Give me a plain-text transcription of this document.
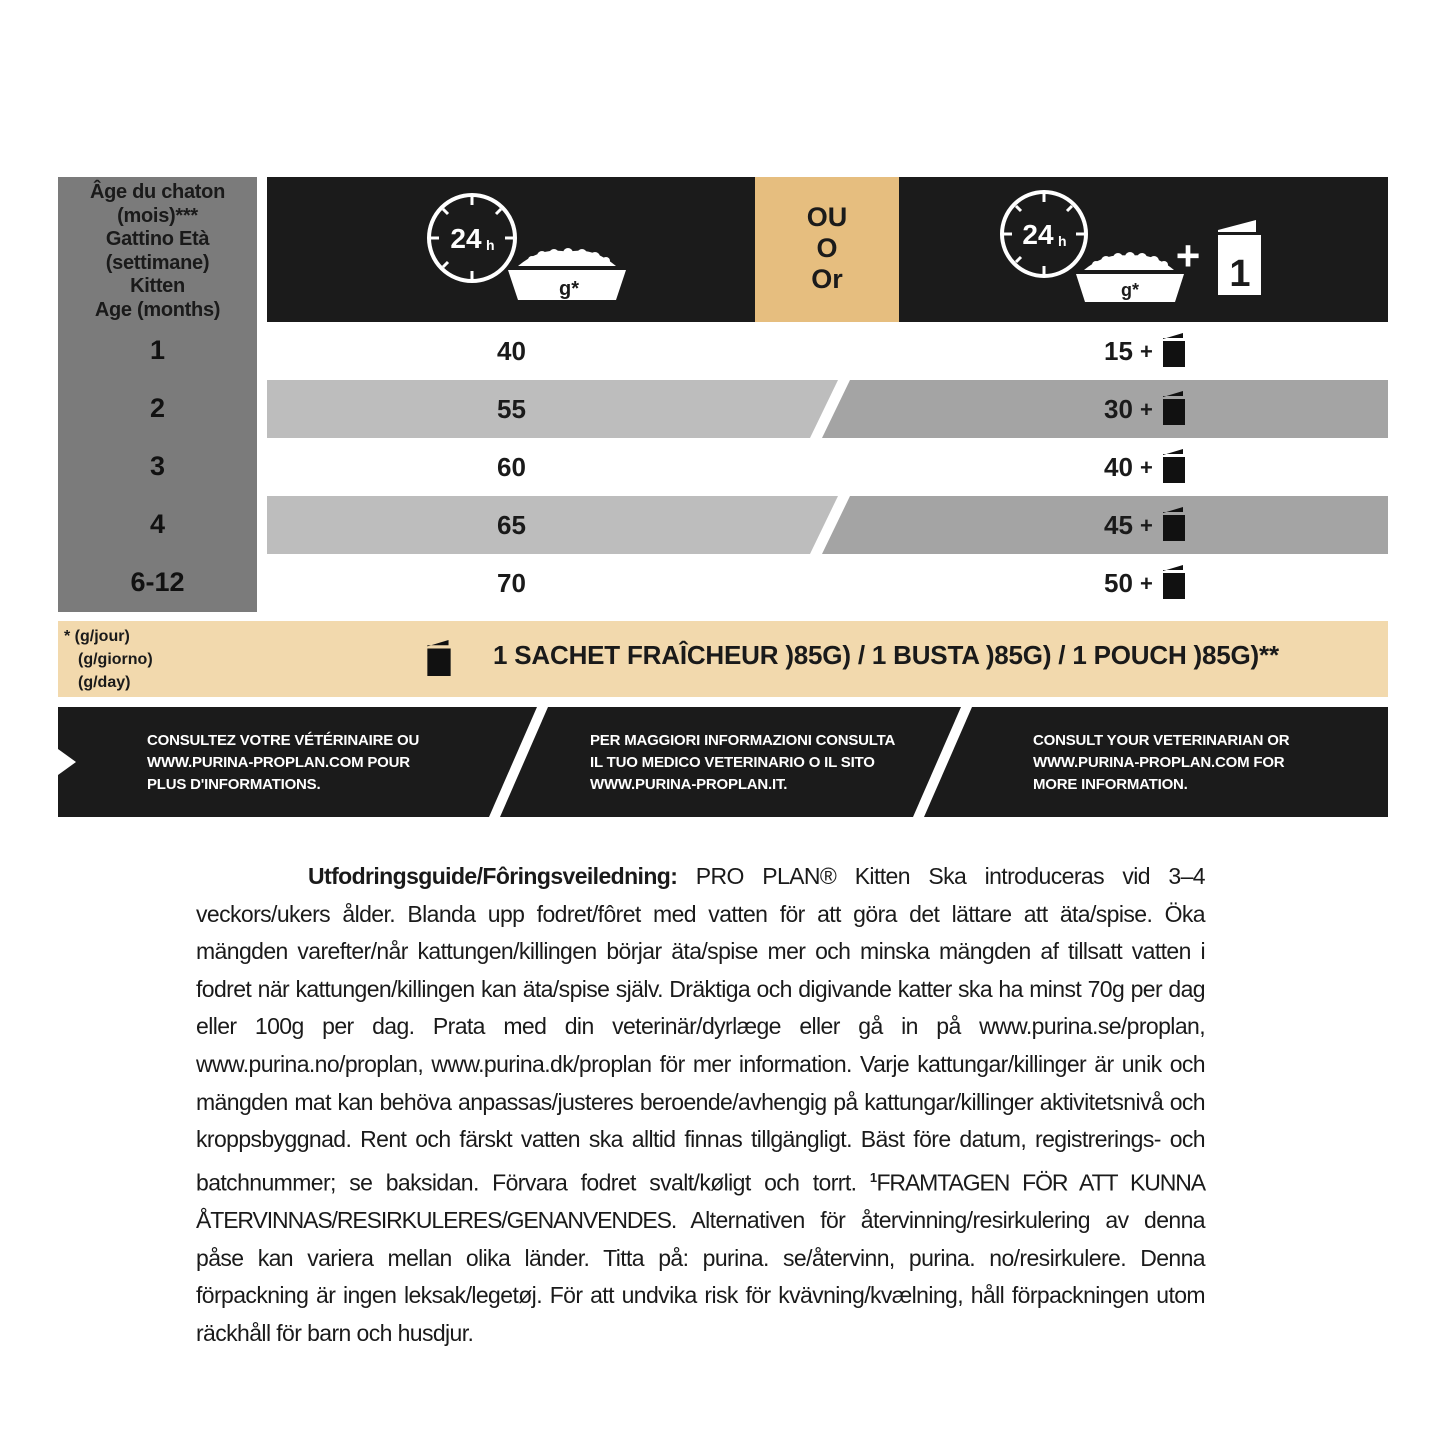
Âge du chaton
(mois)***
Gattino Età
(settimane)
Kitten
Age (months)
24 h
g*
OU
O
Or
24 h
g*
+ 1
1	40	15 +
2	55	30 +
3	60	40 +
4	65	45 +
6-12	70	50 +
* (g/jour)
(g/giorno)
(g/day)
1 SACHET FRAÎCHEUR )85G) / 1 BUSTA )85G) / 1 POUCH )85G)**
CONSULTEZ VOTRE VÉTÉRINAIRE OU
WWW.PURINA-PROPLAN.COM POUR
PLUS D'INFORMATIONS.
PER MAGGIORI INFORMAZIONI CONSULTA
IL TUO MEDICO VETERINARIO O IL SITO
WWW.PURINA-PROPLAN.IT.
CONSULT YOUR VETERINARIAN OR
WWW.PURINA-PROPLAN.COM FOR
MORE INFORMATION.
Utfodringsguide/Fôringsveiledning: PRO PLAN® Kitten Ska introduceras vid 3–4 veckors/ukers ålder. Blanda upp fodret/fôret med vatten för att göra det lättare att äta/spise. Öka mängden varefter/når kattungen/killingen börjar äta/spise mer och minska mängden af tillsatt vatten i fodret när kattungen/killingen kan äta/spise själv. Dräktiga och digivande katter ska ha minst 70g per dag eller 100g per dag. Prata med din veterinär/dyrlæge eller gå in på www.purina.se/proplan, www.purina.no/proplan, www.purina.dk/proplan för mer information. Varje kattungar/killinger är unik och mängden mat kan behöva anpassas/justeres beroende/avhengig på kattungar/killinger aktivitetsnivå och kroppsbyggnad. Rent och färskt vatten ska alltid finnas tillgängligt. Bäst före datum, registrerings- och batchnummer; se baksidan. Förvara fodret svalt/køligt och torrt. $^1$FRAMTAGEN FÖR ATT KUNNA ÅTERVINNAS/RESIRKULERES/GENANVENDES. Alternativen för återvinning/resirkulering av denna påse kan variera mellan olika länder. Titta på: purina. se/återvinn, purina. no/resirkulere. Denna förpackning är ingen leksak/legetøj. För att undvika risk för kvävning/kvælning, håll förpackningen utom räckhåll för barn och husdjur.
